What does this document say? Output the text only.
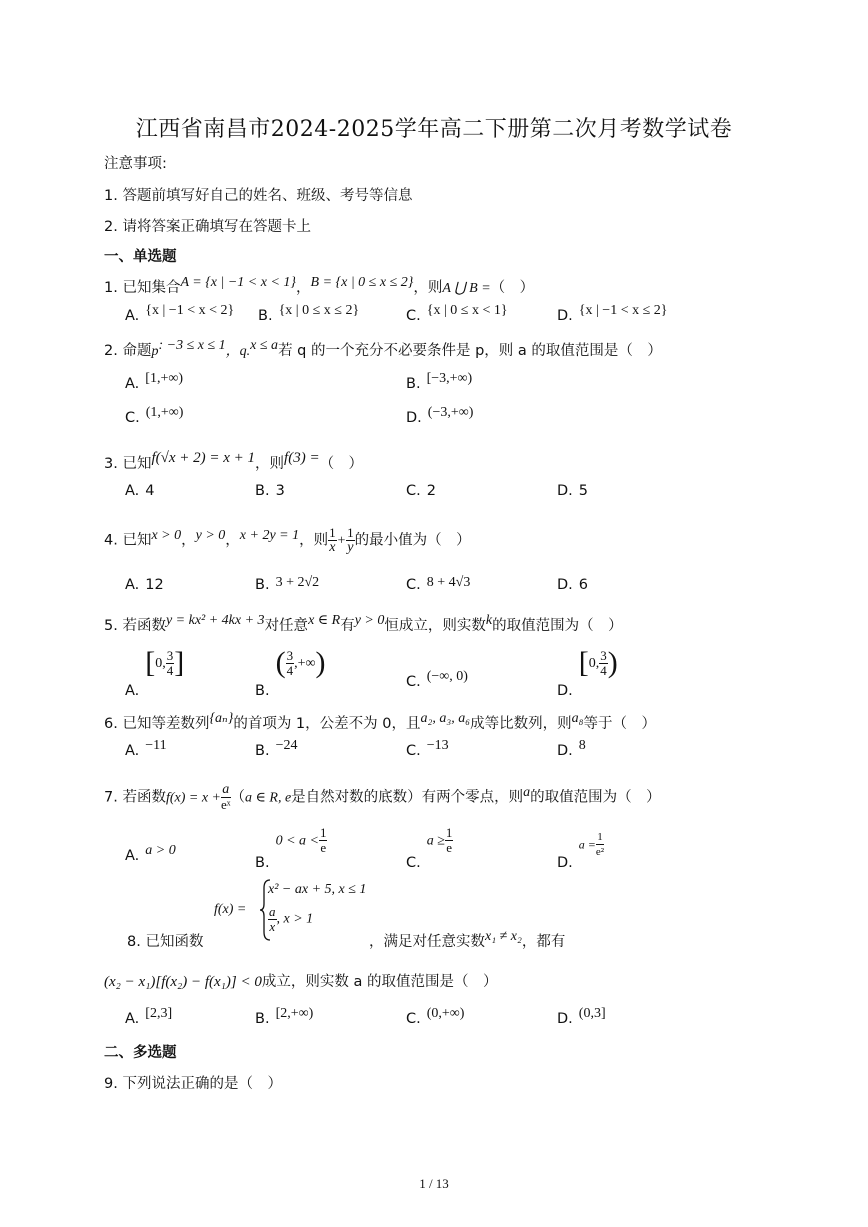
江西省南昌市2024-2025学年高二下册第二次月考数学试卷
注意事项:
1. 答题前填写好自己的姓名、班级、考号等信息
2. 请将答案正确填写在答题卡上
一、单选题
1. 已知集合A = {x | −1 < x < 1}，B = {x | 0 ≤ x ≤ 2}，则A ⋃ B =（　）
A. {x | −1 < x < 2} B. {x | 0 ≤ x ≤ 2}	C. {x | 0 ≤ x < 1}	D. {x | −1 < x ≤ 2}
2. 命题p: −3 ≤ x ≤ 1，q.x ≤ a若 q 的一个充分不必要条件是 p，则 a 的取值范围是（　）
A. [1,+∞)	B. [−3,+∞)
C. (1,+∞)	D. (−3,+∞)
3. 已知f(√x + 2) = x + 1，则f(3) =（　）
A. 4	B. 3	C. 2	D. 5
4. 已知x > 0，y > 0，x + 2y = 1，则 $\frac{1}{x} + \frac{1}{y}$ 的最小值为（　）
A. 12	B. 3 + 2√2	C. 8 + 4√3	D. 6
5. 若函数y = kx² + 4kx + 3对任意x ∈ R有y > 0恒成立，则实数k的取值范围为（　）
A.[0, $\frac{3}{4}$ ]
$B.( \frac{3}{4}$ ,+∞)
C. (−∞, 0)
D.[0, $\frac{3}{4}$ )
6. 已知等差数列{aₙ}的首项为 1，公差不为 0，且a₂, a₃, a₆成等比数列，则a₈等于（　）
A. −11	B. −24	C. −13	D. 8
7. 若函数$f(x) = x + \frac{a}{\text{eˣ}} (a$ ∈ R, e是自然对数的底数）有两个零点，则a的取值范围为（　）
A. a > 0
$B.0 < a < \frac{1}{e}$
$C.a \ge \frac{1}{e}$
$D.a = \frac{1}{\text{e²}}$
f(x) =
x² − ax + 5, x ≤ 1
$\frac{a}{x}$ , x > 1
8. 已知函数	，满足对任意实数x₁ ≠ x₂，都有
(x₂ − x₁)[f(x₂) − f(x₁)] < 0成立，则实数 a 的取值范围是（　）
A. [2,3]	B. [2,+∞)	C. (0,+∞)	D. (0,3]
二、多选题
9. 下列说法正确的是（　）
1 / 13
